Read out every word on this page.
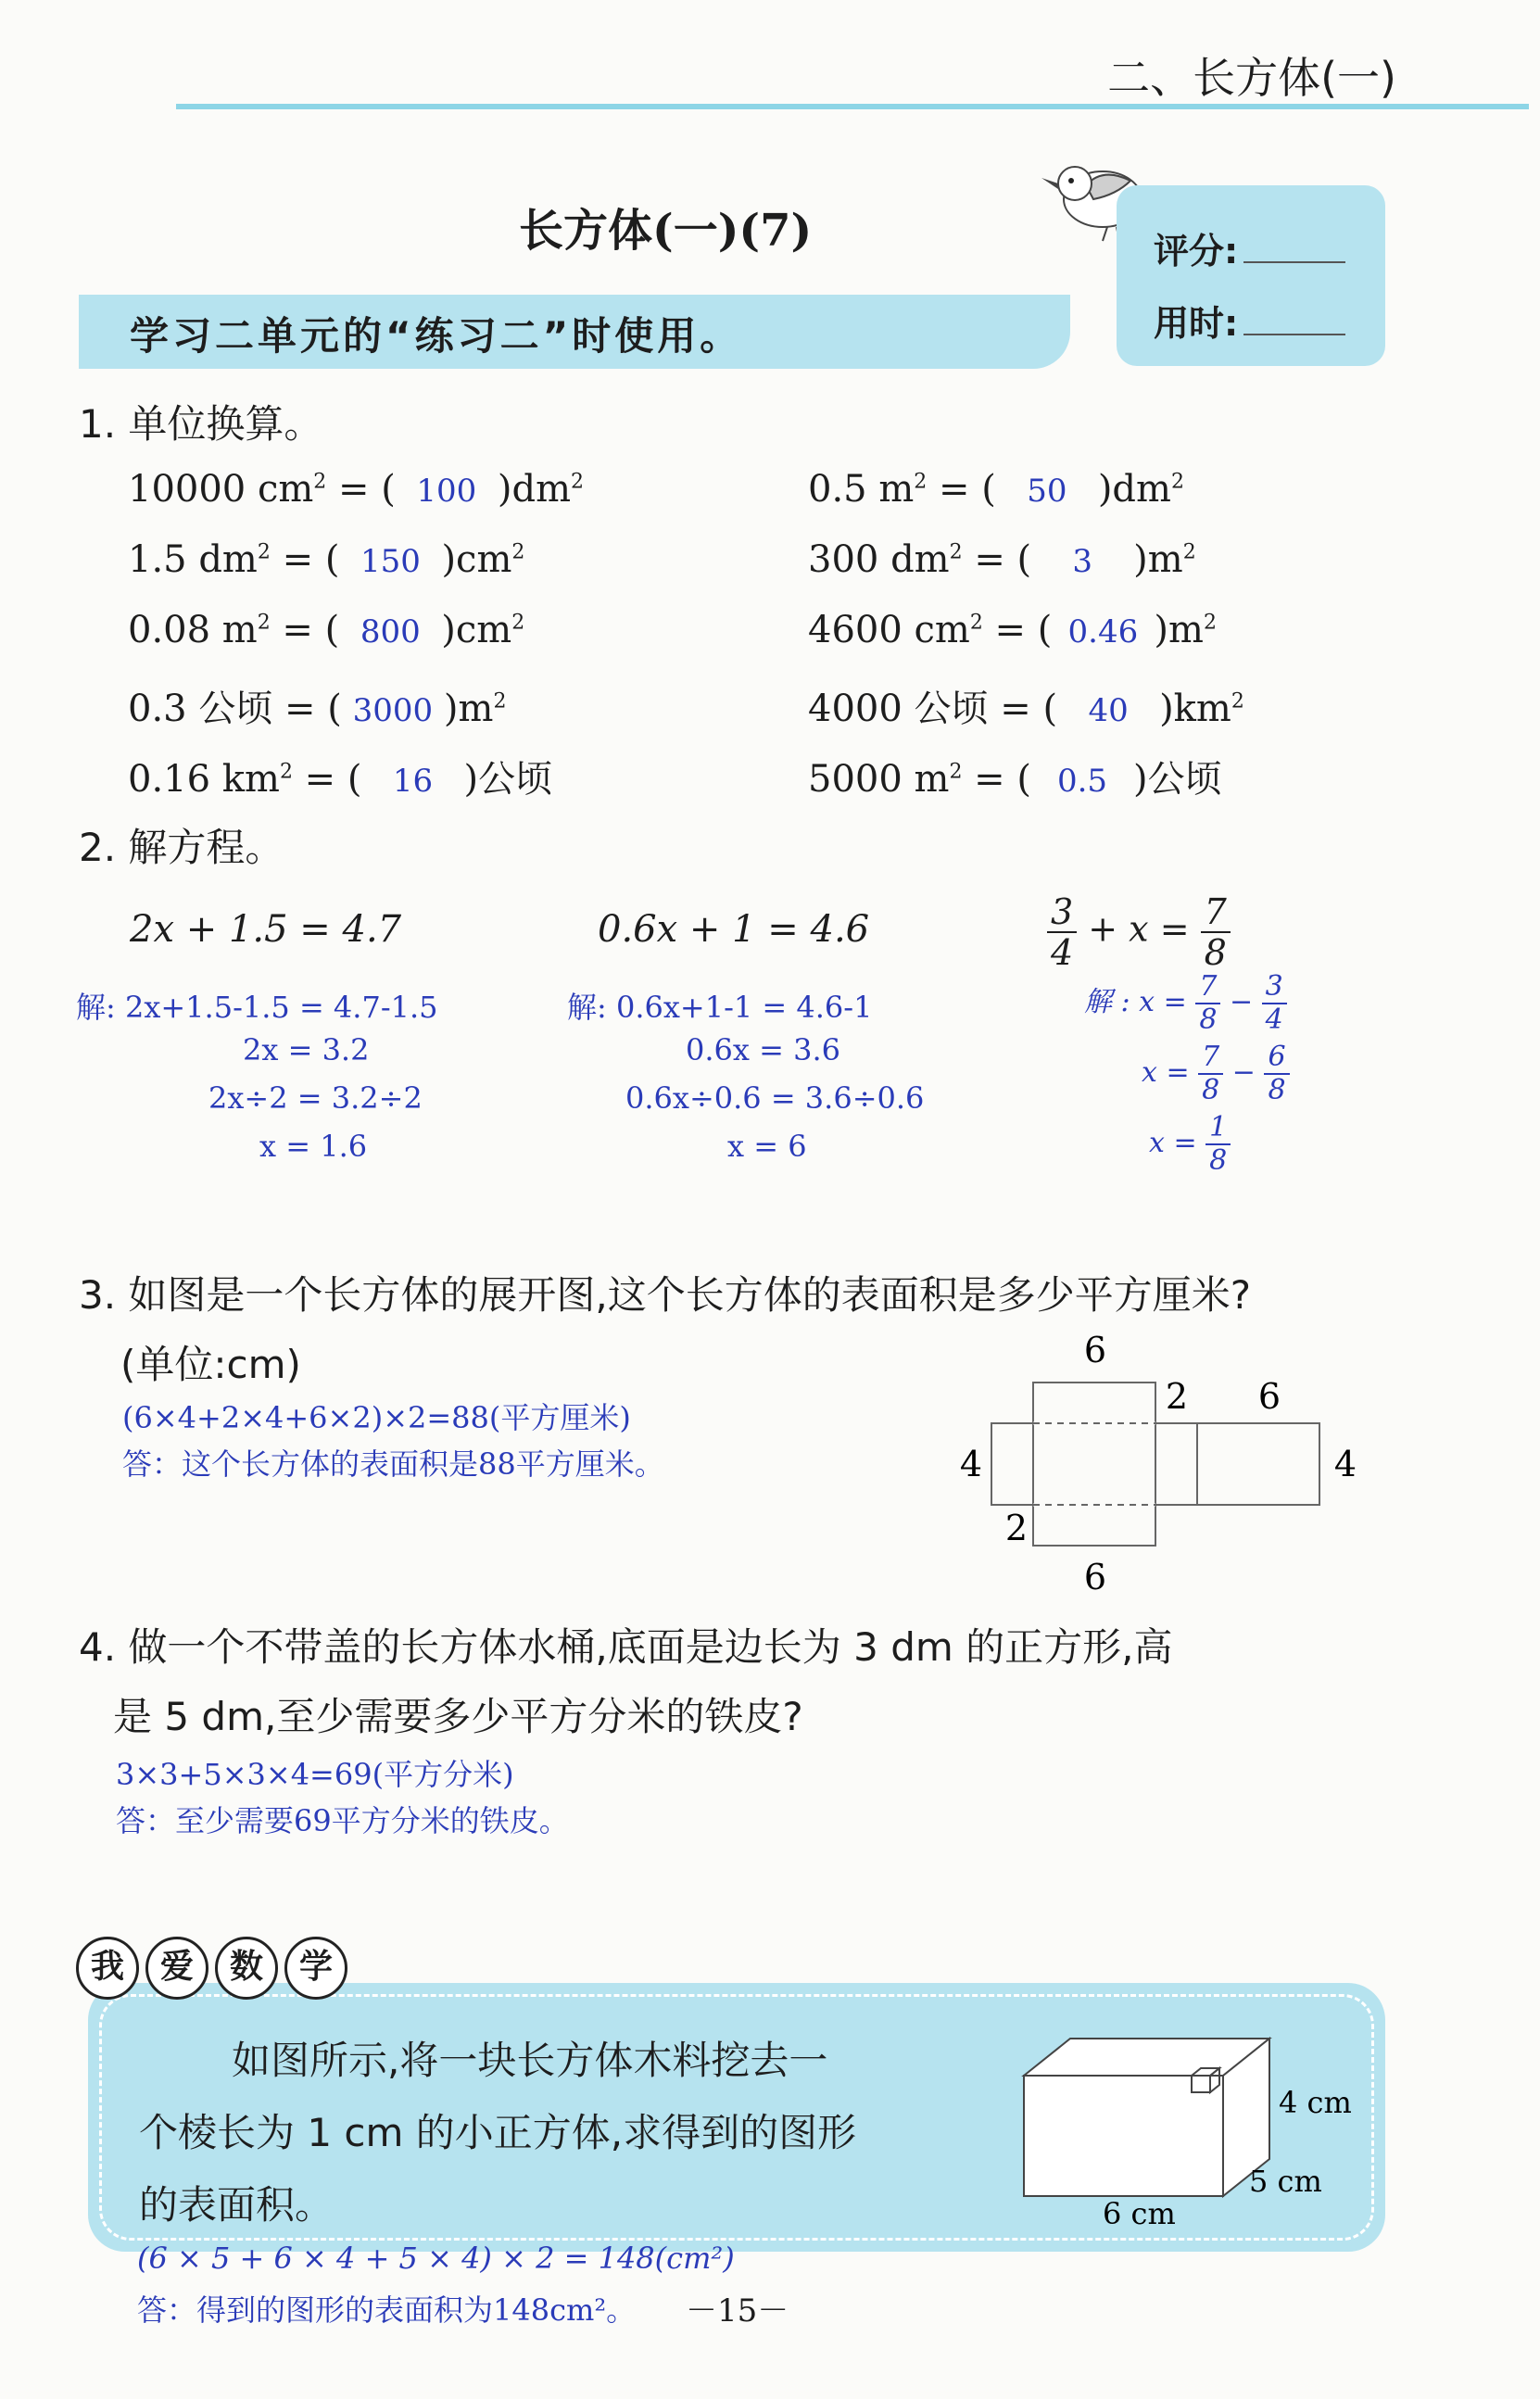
二、长方体(一)
长方体(一)(7)	评分:
用时:
学习二单元的“练习二”时使用。
1. 单位换算。
10000 $cm^2$ = ( 100 )$dm^2$
1.5 $dm^2$ = ( 150 )$cm^2$
0.08 $m^2$ = ( 800 )$cm^2$
0.3 公顷 = ( 3000 )$m^2$
0.16 $km^2$ = ( 16 )公顷
0.5 $m^2$ = ( 50 )$dm^2$
300 $dm^2$ = ( 3 )$m^2$
4600 $cm^2$ = ( 0.46 )$m^2$
4000 公顷 = ( 40 )$km^2$
5000 $m^2$ = ( 0.5 )公顷
2. 解方程。
2x + 1.5 = 4.7
解: 2x+1.5-1.5 = 4.7-1.5
2x = 3.2
2x÷2 = 3.2÷2
x = 1.6
0.6x + 1 = 4.6
解: 0.6x+1-1 = 4.6-1
0.6x = 3.6
0.6x÷0.6 = 3.6÷0.6
x = 6
$\frac{3}{4} + x = \frac{7}{8}$
解 : $x = \frac{7}{8} - \frac{3}{4}$
$x = \frac{7}{8} - \frac{6}{8}$
$x = \frac{1}{8}$
3. 如图是一个长方体的展开图,这个长方体的表面积是多少平方厘米?
(单位:cm)
(6×4+2×4+6×2)×2=88(平方厘米)
答：这个长方体的表面积是88平方厘米。
6
2 6
4	4
2
6
4. 做一个不带盖的长方体水桶,底面是边长为 3 dm 的正方形,高
是 5 dm,至少需要多少平方分米的铁皮?
3×3+5×3×4=69(平方分米)
答：至少需要69平方分米的铁皮。
我	爱	数	学
如图所示,将一块长方体木料挖去一
个棱长为 1 cm 的小正方体,求得到的图形
的表面积。
4 cm
5 cm
6 cm
(6 × 5 + 6 × 4 + 5 × 4) × 2 = 148(cm²)
答：得到的图形的表面积为148cm²。 －15－
